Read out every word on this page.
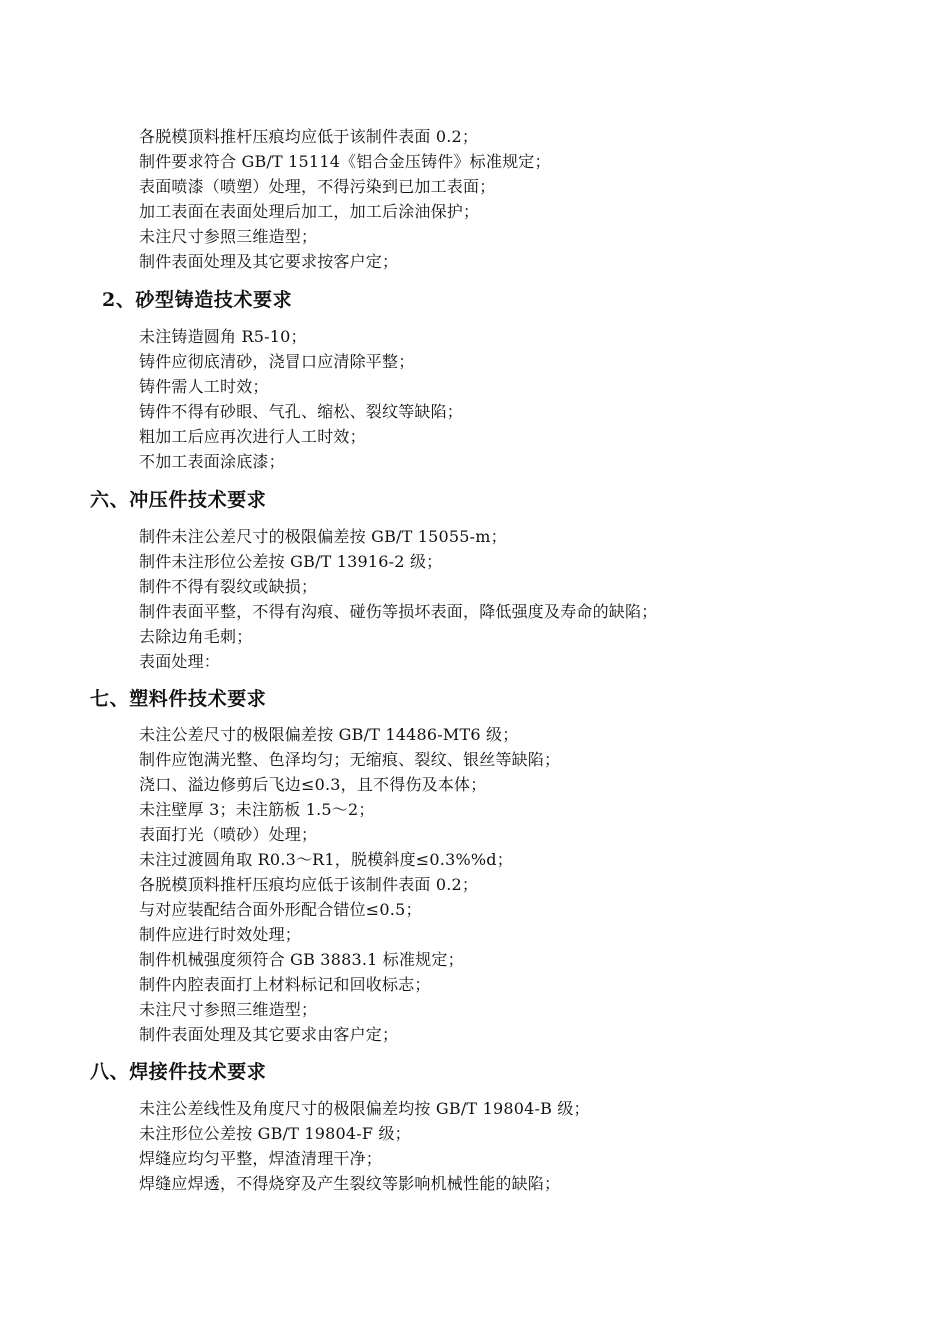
各脱模顶料推杆压痕均应低于该制件表面 0.2；
制件要求符合 GB/T 15114《铝合金压铸件》标准规定；
表面喷漆（喷塑）处理，不得污染到已加工表面；
加工表面在表面处理后加工，加工后涂油保护；
未注尺寸参照三维造型；
制件表面处理及其它要求按客户定；
2、砂型铸造技术要求
未注铸造圆角 R5-10；
铸件应彻底清砂，浇冒口应清除平整；
铸件需人工时效；
铸件不得有砂眼、气孔、缩松、裂纹等缺陷；
粗加工后应再次进行人工时效；
不加工表面涂底漆；
六、冲压件技术要求
制件未注公差尺寸的极限偏差按 GB/T 15055-m；
制件未注形位公差按 GB/T 13916-2 级；
制件不得有裂纹或缺损；
制件表面平整，不得有沟痕、碰伤等损坏表面，降低强度及寿命的缺陷；
去除边角毛刺；
表面处理：
七、塑料件技术要求
未注公差尺寸的极限偏差按 GB/T 14486-MT6 级；
制件应饱满光整、色泽均匀；无缩痕、裂纹、银丝等缺陷；
浇口、溢边修剪后飞边≤0.3，且不得伤及本体；
未注壁厚 3；未注筋板 1.5～2；
表面打光（喷砂）处理；
未注过渡圆角取 R0.3～R1，脱模斜度≤0.3%%d；
各脱模顶料推杆压痕均应低于该制件表面 0.2；
与对应装配结合面外形配合错位≤0.5；
制件应进行时效处理；
制件机械强度须符合 GB 3883.1 标准规定；
制件内腔表面打上材料标记和回收标志；
未注尺寸参照三维造型；
制件表面处理及其它要求由客户定；
八、焊接件技术要求
未注公差线性及角度尺寸的极限偏差均按 GB/T 19804-B 级；
未注形位公差按 GB/T 19804-F 级；
焊缝应均匀平整，焊渣清理干净；
焊缝应焊透，不得烧穿及产生裂纹等影响机械性能的缺陷；
